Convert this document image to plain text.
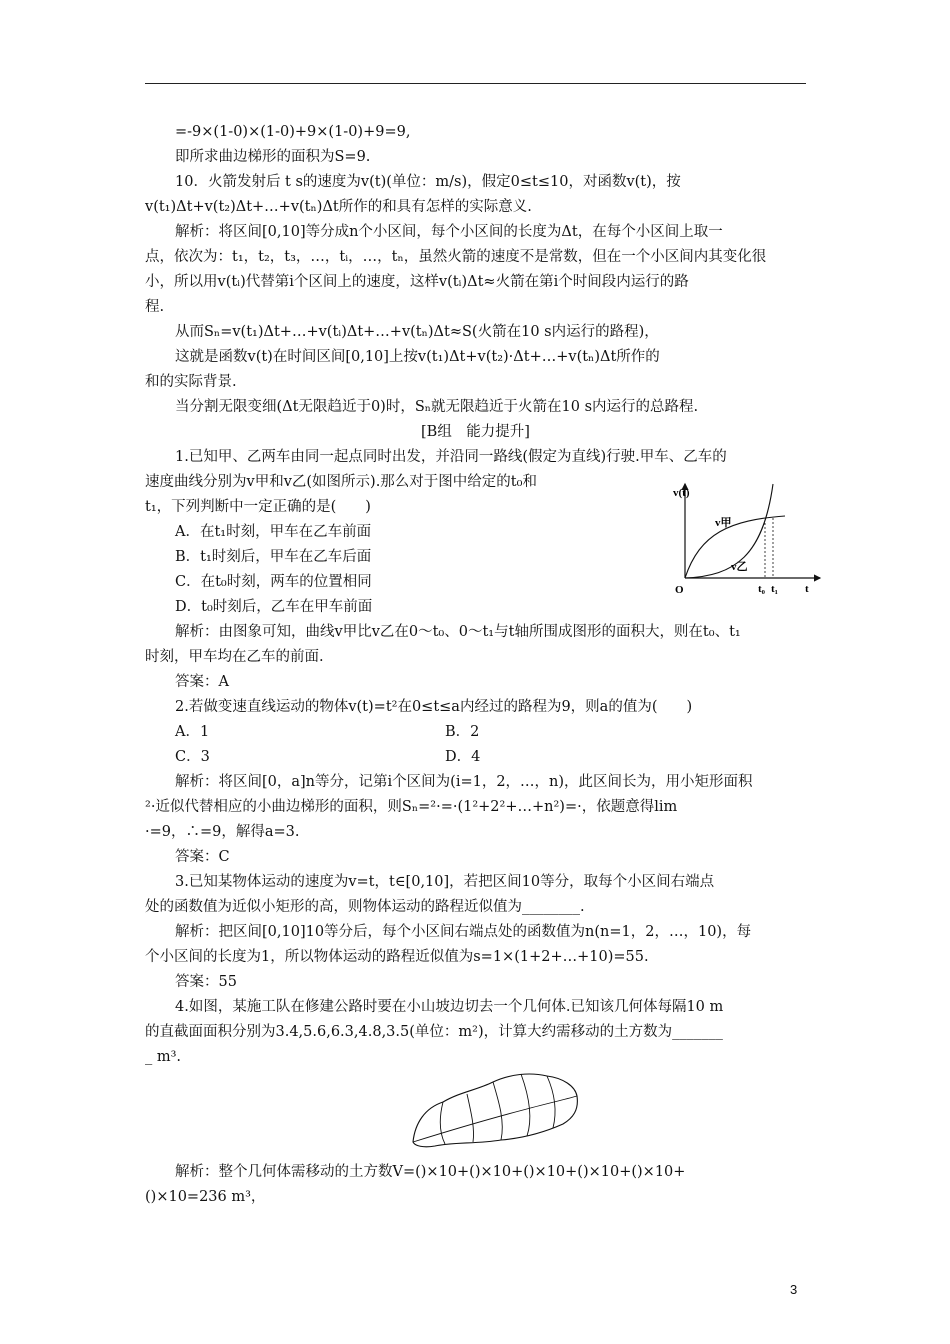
=-9×(1-0)×(1-0)+9×(1-0)+9=9,
即所求曲边梯形的面积为S=9.
10．火箭发射后 t s的速度为v(t)(单位：m/s)，假定0≤t≤10，对函数v(t)，按
v(t₁)Δt+v(t₂)Δt+…+v(tₙ)Δt所作的和具有怎样的实际意义.
解析：将区间[0,10]等分成n个小区间，每个小区间的长度为Δt，在每个小区间上取一
点，依次为：t₁，t₂，t₃，…，tᵢ，…，tₙ，虽然火箭的速度不是常数，但在一个小区间内其变化很
小，所以用v(tᵢ)代替第i个区间上的速度，这样v(tᵢ)Δt≈火箭在第i个时间段内运行的路
程.
从而Sₙ=v(t₁)Δt+…+v(tᵢ)Δt+…+v(tₙ)Δt≈S(火箭在10 s内运行的路程)，
这就是函数v(t)在时间区间[0,10]上按v(t₁)Δt+v(t₂)·Δt+…+v(tₙ)Δt所作的
和的实际背景.
当分割无限变细(Δt无限趋近于0)时，Sₙ就无限趋近于火箭在10 s内运行的总路程.
[B组　能力提升]
1.已知甲、乙两车由同一起点同时出发，并沿同一路线(假定为直线)行驶.甲车、乙车的
速度曲线分别为v甲和v乙(如图所示).那么对于图中给定的t₀和
t₁，下列判断中一定正确的是(　　)
A．在t₁时刻，甲车在乙车前面
B．t₁时刻后，甲车在乙车后面
C．在t₀时刻，两车的位置相同
D．t₀时刻后，乙车在甲车前面
解析：由图象可知，曲线v甲比v乙在0～t₀、0～t₁与t轴所围成图形的面积大，则在t₀、t₁
时刻，甲车均在乙车的前面.
答案：A
2.若做变速直线运动的物体v(t)=t²在0≤t≤a内经过的路程为9，则a的值为(　　)
A．1	B．2
C．3	D．4
解析：将区间[0，a]n等分，记第i个区间为(i=1，2，…，n)，此区间长为，用小矩形面积
²·近似代替相应的小曲边梯形的面积，则Sₙ=²·=·(1²+2²+…+n²)=·，依题意得lim
·=9，∴=9，解得a=3.
答案：C
3.已知某物体运动的速度为v=t，t∈[0,10]，若把区间10等分，取每个小区间右端点
处的函数值为近似小矩形的高，则物体运动的路程近似值为________.
解析：把区间[0,10]10等分后，每个小区间右端点处的函数值为n(n=1，2，…，10)，每
个小区间的长度为1，所以物体运动的路程近似值为s=1×(1+2+…+10)=55.
答案：55
4.如图，某施工队在修建公路时要在小山坡边切去一个几何体.已知该几何体每隔10 m
的直截面面积分别为3.4,5.6,6.3,4.8,3.5(单位：m²)，计算大约需移动的土方数为_______
_ m³.
解析：整个几何体需移动的土方数V=()×10+()×10+()×10+()×10+()×10+
()×10=236 m³，
v(t)
t
O
v甲
v乙
t₀ t₁
3
